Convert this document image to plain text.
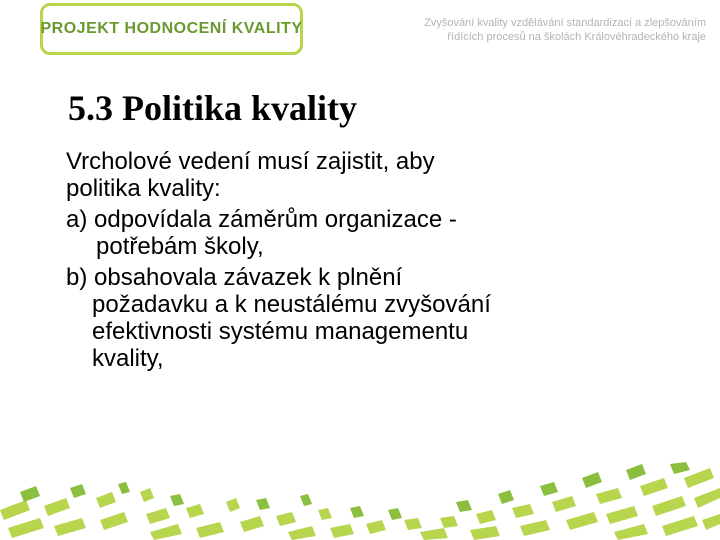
PROJEKT HODNOCENÍ KVALITY	Zvyšování kvality vzdělávání standardizací a zlepšováním
řídících procesů na školách Královéhradeckého kraje
5.3 Politika kvality
Vrcholové vedení musí zajistit, aby
politika kvality:
a) odpovídala záměrům organizace -
potřebám školy,
b) obsahovala závazek k plnění
požadavku a k neustálému zvyšování
efektivnosti systému managementu
kvality,
